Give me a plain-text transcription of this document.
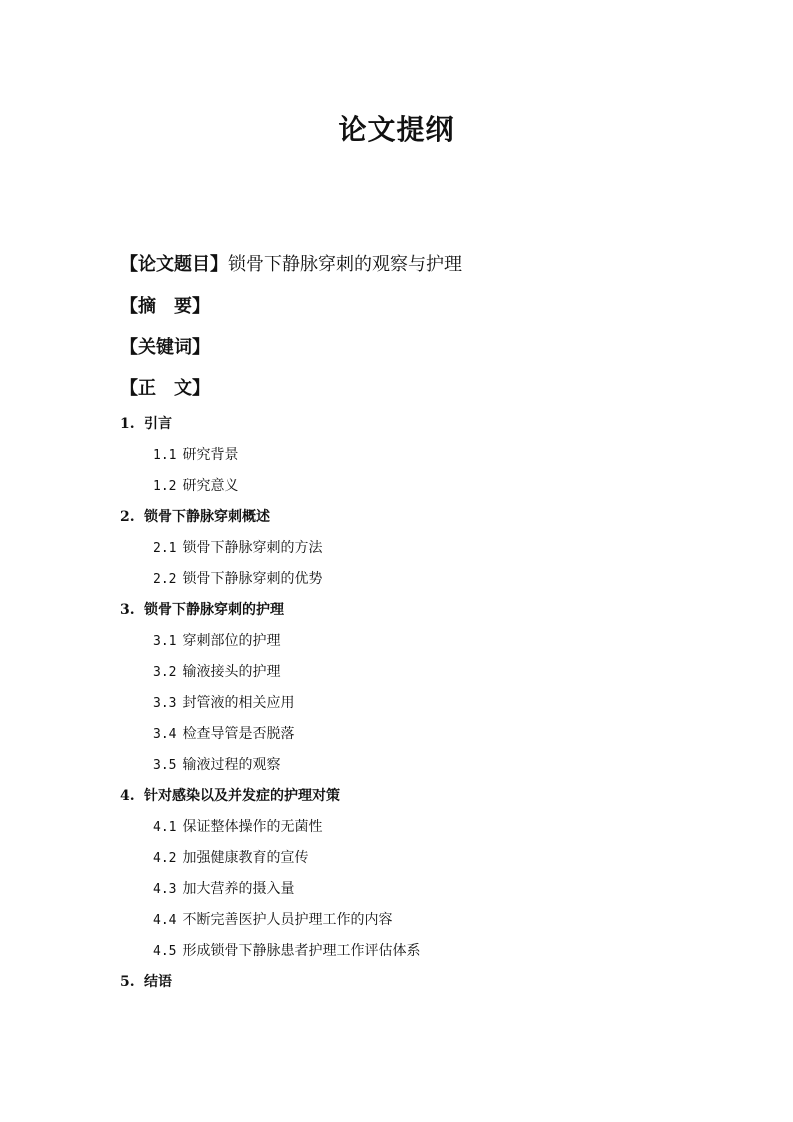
论文提纲

【论文题目】锁骨下静脉穿刺的观察与护理

【摘　要】

【关键词】

【正　文】

1. 引言
1.1 研究背景
1.2 研究意义
2. 锁骨下静脉穿刺概述
2.1 锁骨下静脉穿刺的方法
2.2 锁骨下静脉穿刺的优势
3. 锁骨下静脉穿刺的护理
3.1 穿刺部位的护理
3.2 输液接头的护理
3.3 封管液的相关应用
3.4 检查导管是否脱落
3.5 输液过程的观察
4. 针对感染以及并发症的护理对策
4.1 保证整体操作的无菌性
4.2 加强健康教育的宣传
4.3 加大营养的摄入量
4.4 不断完善医护人员护理工作的内容
4.5 形成锁骨下静脉患者护理工作评估体系
5. 结语
